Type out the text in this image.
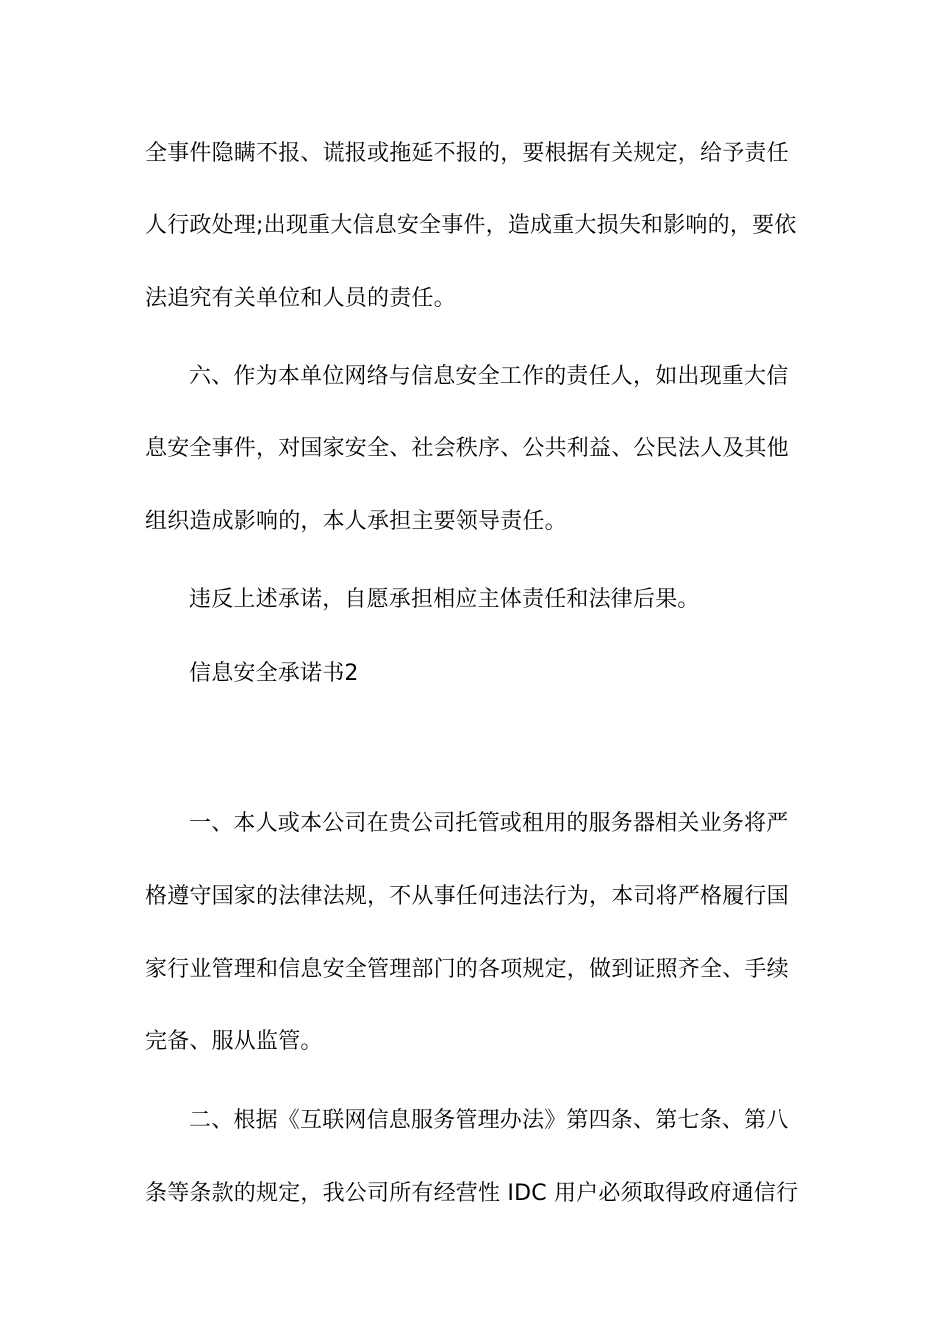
全事件隐瞒不报、谎报或拖延不报的，要根据有关规定，给予责任
人行政处理;出现重大信息安全事件，造成重大损失和影响的，要依
法追究有关单位和人员的责任。
六、作为本单位网络与信息安全工作的责任人，如出现重大信
息安全事件，对国家安全、社会秩序、公共利益、公民法人及其他
组织造成影响的，本人承担主要领导责任。
违反上述承诺，自愿承担相应主体责任和法律后果。
信息安全承诺书2
一、本人或本公司在贵公司托管或租用的服务器相关业务将严
格遵守国家的法律法规，不从事任何违法行为，本司将严格履行国
家行业管理和信息安全管理部门的各项规定，做到证照齐全、手续
完备、服从监管。
二、根据《互联网信息服务管理办法》第四条、第七条、第八
条等条款的规定，我公司所有经营性 IDC 用户必须取得政府通信行
